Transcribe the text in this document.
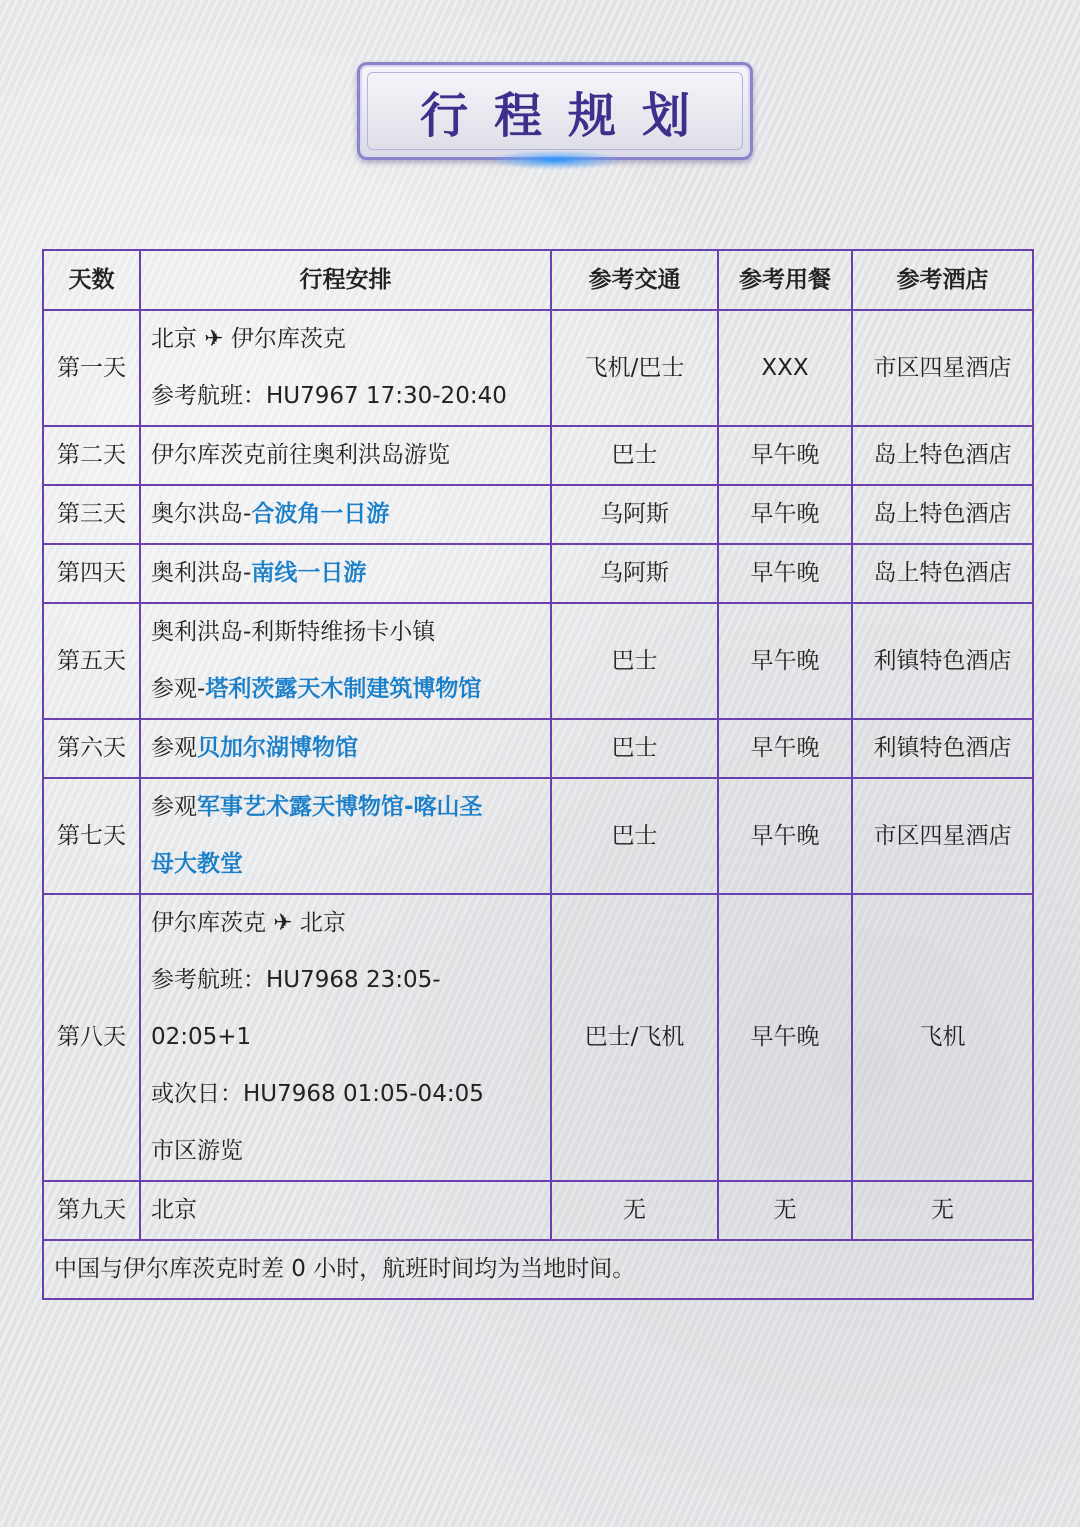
行程规划
天数	行程安排	参考交通	参考用餐	参考酒店
第一天	北京 ✈ 伊尔库茨克
参考航班：HU7967 17:30-20:40	飞机/巴士	XXX	市区四星酒店
第二天	伊尔库茨克前往奥利洪岛游览	巴士	早午晚	岛上特色酒店
第三天	奥尔洪岛-合波角一日游	乌阿斯	早午晚	岛上特色酒店
第四天	奥利洪岛-南线一日游	乌阿斯	早午晚	岛上特色酒店
第五天	奥利洪岛-利斯特维扬卡小镇
参观-塔利茨露天木制建筑博物馆	巴士	早午晚	利镇特色酒店
第六天	参观贝加尔湖博物馆	巴士	早午晚	利镇特色酒店
第七天	参观军事艺术露天博物馆-喀山圣
母大教堂	巴士	早午晚	市区四星酒店
第八天	伊尔库茨克 ✈ 北京
参考航班：HU7968 23:05-02:05+1
或次日：HU7968 01:05-04:05
市区游览	巴士/飞机	早午晚	飞机
第九天	北京	无	无	无
中国与伊尔库茨克时差 0 小时，航班时间均为当地时间。				
